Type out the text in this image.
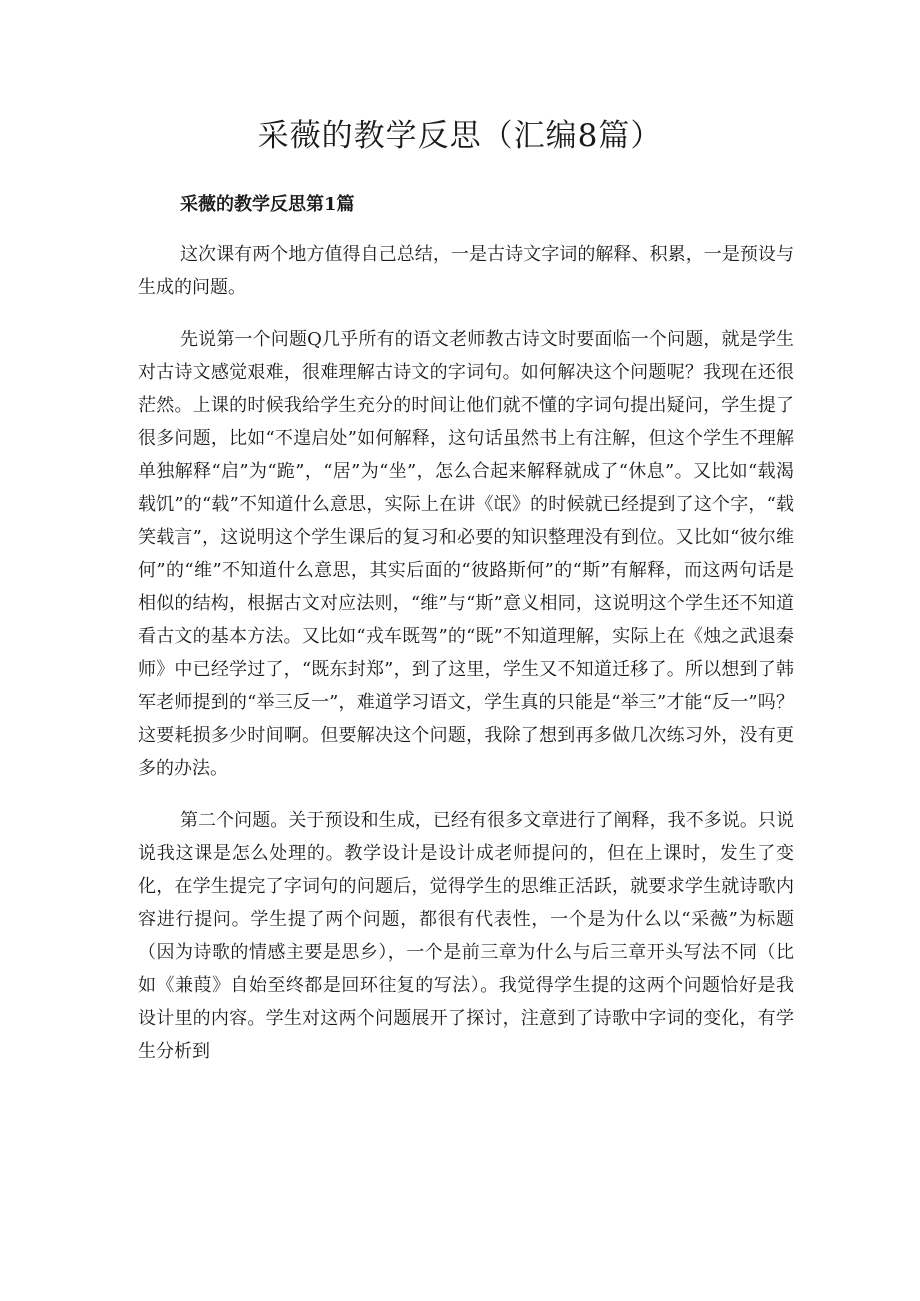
采薇的教学反思（汇编8篇）
采薇的教学反思第1篇

这次课有两个地方值得自己总结，一是古诗文字词的解释、积累，一是预设与生成的问题。

先说第一个问题Q几乎所有的语文老师教古诗文时要面临一个问题，就是学生对古诗文感觉艰难，很难理解古诗文的字词句。如何解决这个问题呢？我现在还很茫然。上课的时候我给学生充分的时间让他们就不懂的字词句提出疑问，学生提了很多问题，比如“不遑启处”如何解释，这句话虽然书上有注解，但这个学生不理解单独解释“启”为“跪”，“居”为“坐”，怎么合起来解释就成了“休息”。又比如“载渴载饥”的“载”不知道什么意思，实际上在讲《氓》的时候就已经提到了这个字，“载笑载言”，这说明这个学生课后的复习和必要的知识整理没有到位。又比如“彼尔维何”的“维”不知道什么意思，其实后面的“彼路斯何”的“斯”有解释，而这两句话是相似的结构，根据古文对应法则，“维”与“斯”意义相同，这说明这个学生还不知道看古文的基本方法。又比如“戎车既驾”的“既”不知道理解，实际上在《烛之武退秦师》中已经学过了，“既东封郑”，到了这里，学生又不知道迁移了。所以想到了韩军老师提到的“举三反一”，难道学习语文，学生真的只能是“举三”才能“反一”吗？这要耗损多少时间啊。但要解决这个问题，我除了想到再多做几次练习外，没有更多的办法。

第二个问题。关于预设和生成，已经有很多文章进行了阐释，我不多说。只说说我这课是怎么处理的。教学设计是设计成老师提问的，但在上课时，发生了变化，在学生提完了字词句的问题后，觉得学生的思维正活跃，就要求学生就诗歌内容进行提问。学生提了两个问题，都很有代表性，一个是为什么以“采薇”为标题（因为诗歌的情感主要是思乡），一个是前三章为什么与后三章开头写法不同（比如《兼葭》自始至终都是回环往复的写法）。我觉得学生提的这两个问题恰好是我设计里的内容。学生对这两个问题展开了探讨，注意到了诗歌中字词的变化，有学生分析到
